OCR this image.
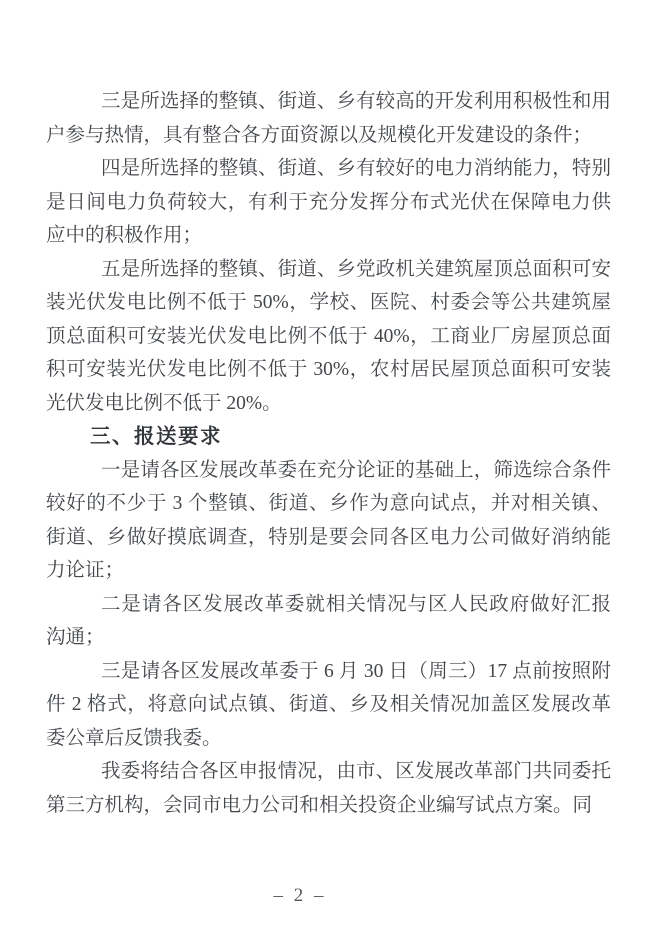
三是所选择的整镇、街道、乡有较高的开发利用积极性和用
户参与热情，具有整合各方面资源以及规模化开发建设的条件；
四是所选择的整镇、街道、乡有较好的电力消纳能力，特别
是日间电力负荷较大，有利于充分发挥分布式光伏在保障电力供
应中的积极作用；
五是所选择的整镇、街道、乡党政机关建筑屋顶总面积可安
装光伏发电比例不低于 50%，学校、医院、村委会等公共建筑屋
顶总面积可安装光伏发电比例不低于 40%，工商业厂房屋顶总面
积可安装光伏发电比例不低于 30%，农村居民屋顶总面积可安装
光伏发电比例不低于 20%。
三、报送要求
一是请各区发展改革委在充分论证的基础上，筛选综合条件
较好的不少于 3 个整镇、街道、乡作为意向试点，并对相关镇、
街道、乡做好摸底调查，特别是要会同各区电力公司做好消纳能
力论证；
二是请各区发展改革委就相关情况与区人民政府做好汇报
沟通；
三是请各区发展改革委于 6 月 30 日（周三）17 点前按照附
件 2 格式，将意向试点镇、街道、乡及相关情况加盖区发展改革
委公章后反馈我委。
我委将结合各区申报情况，由市、区发展改革部门共同委托
第三方机构，会同市电力公司和相关投资企业编写试点方案。同
– 2 –
